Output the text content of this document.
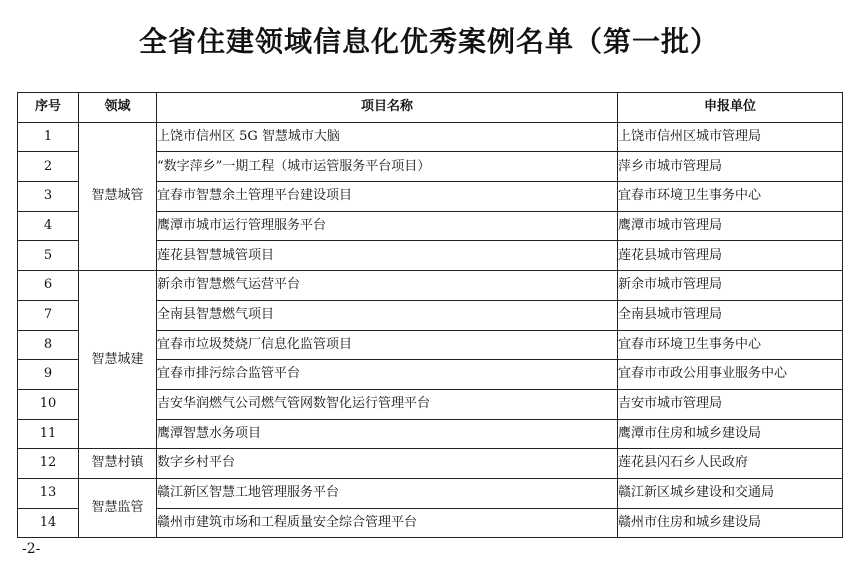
全省住建领域信息化优秀案例名单（第一批）
序号	领域	项目名称	申报单位
1	智慧城管	上饶市信州区 5G 智慧城市大脑	上饶市信州区城市管理局
2		“数字萍乡”一期工程（城市运管服务平台项目）	萍乡市城市管理局
3		宜春市智慧余土管理平台建设项目	宜春市环境卫生事务中心
4		鹰潭市城市运行管理服务平台	鹰潭市城市管理局
5		莲花县智慧城管项目	莲花县城市管理局
6	智慧城建	新余市智慧燃气运营平台	新余市城市管理局
7		全南县智慧燃气项目	全南县城市管理局
8		宜春市垃圾焚烧厂信息化监管项目	宜春市环境卫生事务中心
9		宜春市排污综合监管平台	宜春市市政公用事业服务中心
10		吉安华润燃气公司燃气管网数智化运行管理平台	吉安市城市管理局
11		鹰潭智慧水务项目	鹰潭市住房和城乡建设局
12	智慧村镇	数字乡村平台	莲花县闪石乡人民政府
13	智慧监管	赣江新区智慧工地管理服务平台	赣江新区城乡建设和交通局
14		赣州市建筑市场和工程质量安全综合管理平台	赣州市住房和城乡建设局
-2-
